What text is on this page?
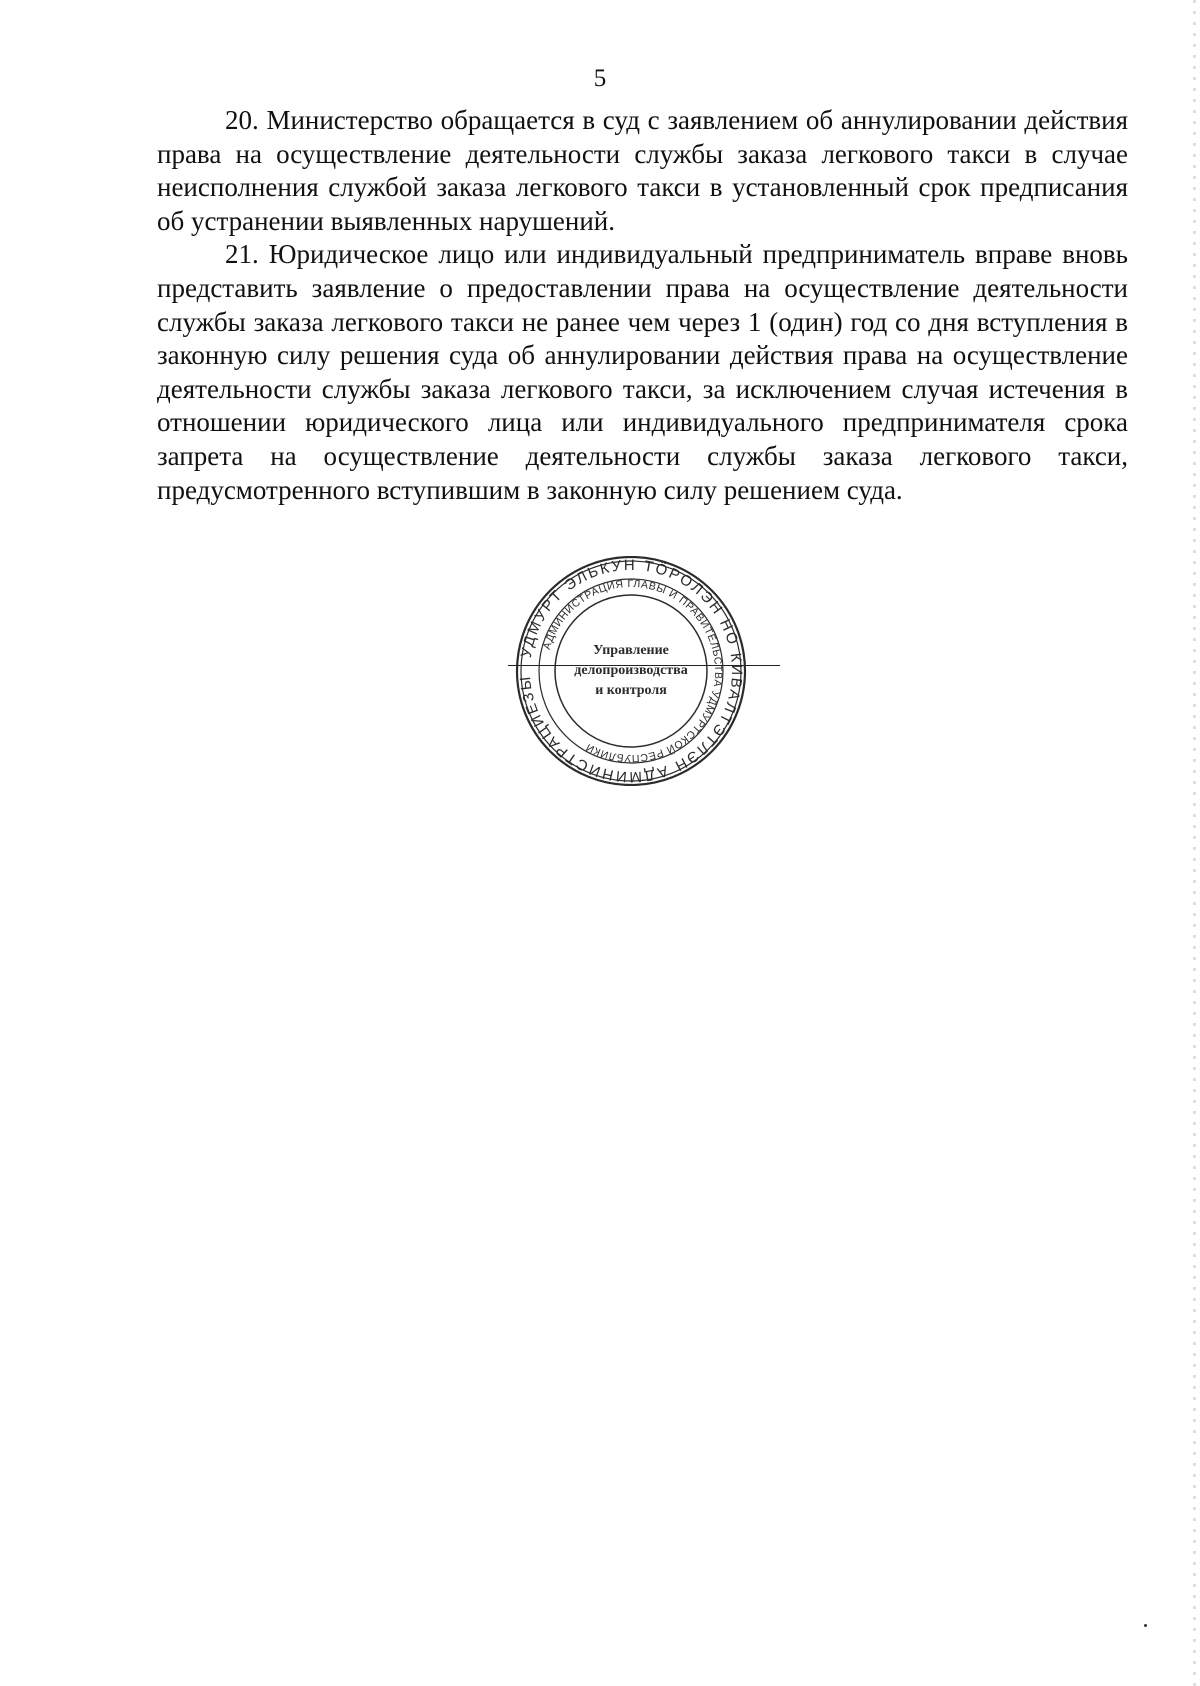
5

20. Министерство обращается в суд с заявлением об аннулировании действия права на осуществление деятельности службы заказа легкового такси в случае неисполнения службой заказа легкового такси в установленный срок предписания об устранении выявленных нарушений.

21. Юридическое лицо или индивидуальный предприниматель вправе вновь представить заявление о предоставлении права на осуществление деятельности службы заказа легкового такси не ранее чем через 1 (один) год со дня вступления в законную силу решения суда об аннулировании действия права на осуществление деятельности службы заказа легкового такси, за исключением случая истечения в отношении юридического лица или индивидуального предпринимателя срока запрета на осуществление деятельности службы заказа легкового такси, предусмотренного вступившим в законную силу решением суда.

УДМУРТ ЭЛЬКУН ТӦРОЛЭН НО КИВАЛТЭТЛЭН АДМИНИСТРАЦИЕЗЫ
АДМИНИСТРАЦИЯ ГЛАВЫ И ПРАВИТЕЛЬСТВА УДМУРТСКОЙ РЕСПУБЛИКИ
Управление
делопроизводства
и контроля
